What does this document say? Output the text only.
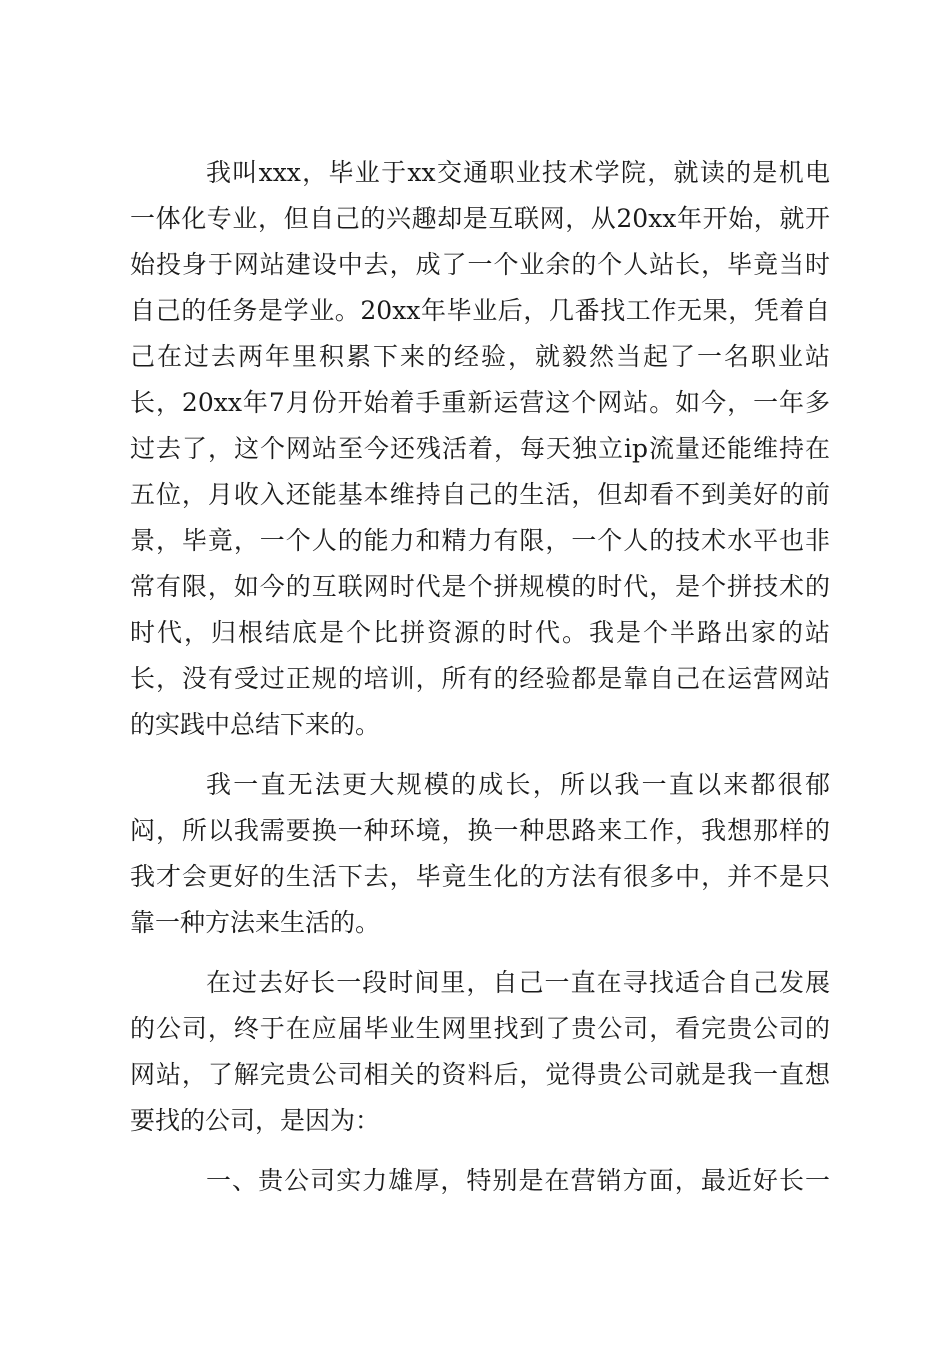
我叫xxx，毕业于xx交通职业技术学院，就读的是机电

一体化专业，但自己的兴趣却是互联网，从20xx年开始，就开

始投身于网站建设中去，成了一个业余的个人站长，毕竟当时

自己的任务是学业。20xx年毕业后，几番找工作无果，凭着自

己在过去两年里积累下来的经验，就毅然当起了一名职业站

长，20xx年7月份开始着手重新运营这个网站。如今，一年多

过去了，这个网站至今还残活着，每天独立ip流量还能维持在

五位，月收入还能基本维持自己的生活，但却看不到美好的前

景，毕竟，一个人的能力和精力有限，一个人的技术水平也非

常有限，如今的互联网时代是个拼规模的时代，是个拼技术的

时代，归根结底是个比拼资源的时代。我是个半路出家的站

长，没有受过正规的培训，所有的经验都是靠自己在运营网站

的实践中总结下来的。

我一直无法更大规模的成长，所以我一直以来都很郁

闷，所以我需要换一种环境，换一种思路来工作，我想那样的

我才会更好的生活下去，毕竟生化的方法有很多中，并不是只

靠一种方法来生活的。

在过去好长一段时间里，自己一直在寻找适合自己发展

的公司，终于在应届毕业生网里找到了贵公司，看完贵公司的

网站，了解完贵公司相关的资料后，觉得贵公司就是我一直想

要找的公司，是因为：

一、贵公司实力雄厚，特别是在营销方面，最近好长一
